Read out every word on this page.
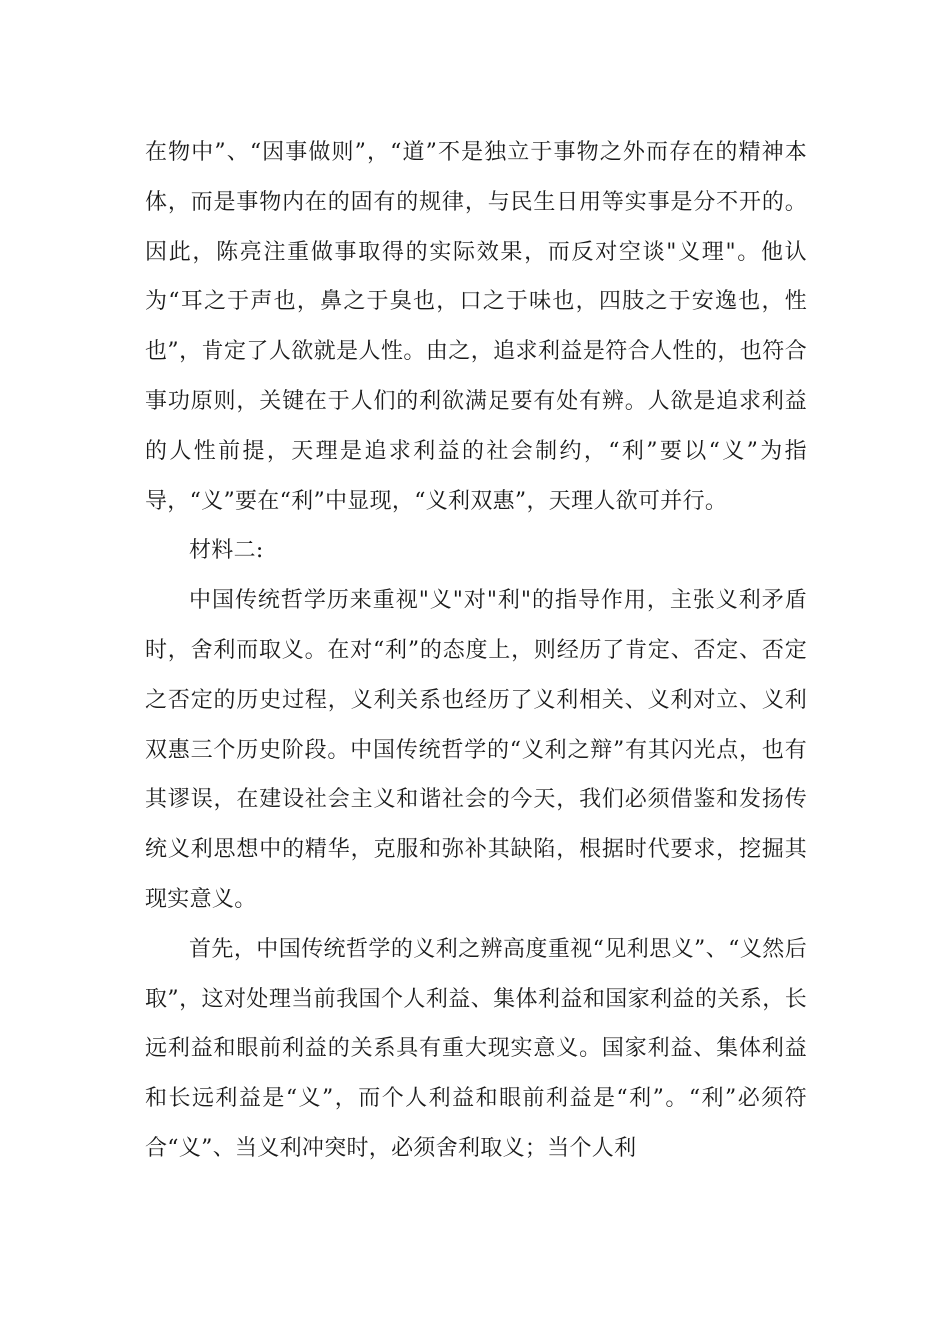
在物中”、“因事做则”，“道”不是独立于事物之外而存在的精神本体，而是事物内在的固有的规律，与民生日用等实事是分不开的。因此，陈亮注重做事取得的实际效果，而反对空谈"义理"。他认为“耳之于声也，鼻之于臭也，口之于味也，四肢之于安逸也，性也”，肯定了人欲就是人性。由之，追求利益是符合人性的，也符合事功原则，关键在于人们的利欲满足要有处有辨。人欲是追求利益的人性前提，天理是追求利益的社会制约，“利”要以“义”为指导，“义”要在“利”中显现，“义利双惠”，天理人欲可并行。

材料二:

中国传统哲学历来重视"义"对"利"的指导作用，主张义利矛盾时，舍利而取义。在对“利”的态度上，则经历了肯定、否定、否定之否定的历史过程，义利关系也经历了义利相关、义利对立、义利双惠三个历史阶段。中国传统哲学的“义利之辩”有其闪光点，也有其谬误，在建设社会主义和谐社会的今天，我们必须借鉴和发扬传统义利思想中的精华，克服和弥补其缺陷，根据时代要求，挖掘其现实意义。

首先，中国传统哲学的义利之辨高度重视“见利思义”、“义然后取”，这对处理当前我国个人利益、集体利益和国家利益的关系，长远利益和眼前利益的关系具有重大现实意义。国家利益、集体利益和长远利益是“义”，而个人利益和眼前利益是“利”。“利”必须符合“义”、当义利冲突时，必须舍利取义；当个人利
